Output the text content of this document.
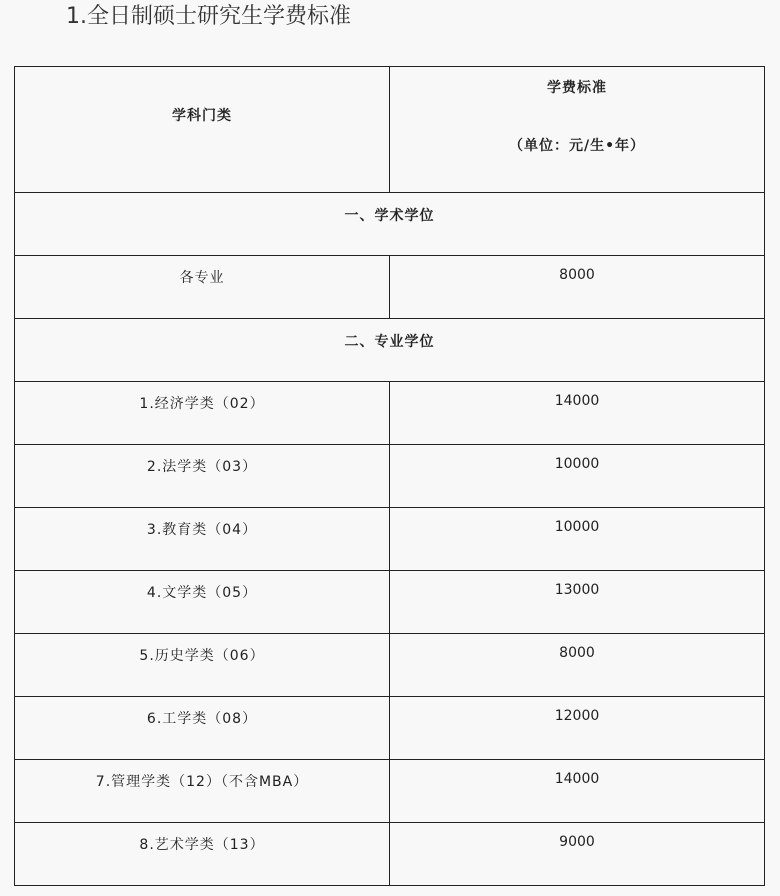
1.全日制硕士研究生学费标准
学科门类	学费标准
（单位：元/生•年）

一、学术学位	

各专业	8000

二、专业学位	

1.经济学类（02）	14000

2.法学类（03）	10000

3.教育类（04）	10000

4.文学类（05）	13000

5.历史学类（06）	8000

6.工学类（08）	12000

7.管理学类（12）（不含MBA）	14000

8.艺术学类（13）	9000
